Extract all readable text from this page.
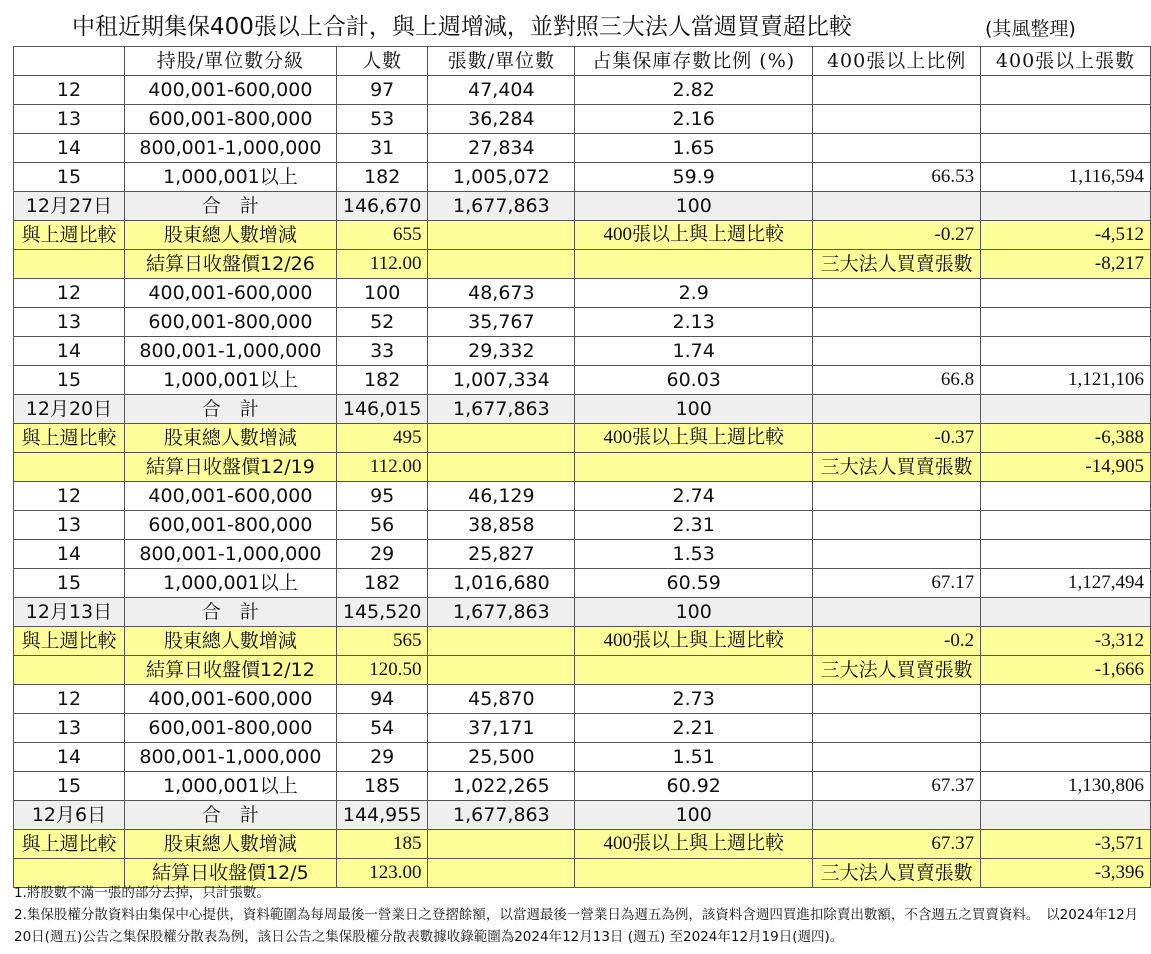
中租近期集保400張以上合計，與上週增減，並對照三大法人當週買賣超比較	(其風整理)
	持股/單位數分級	人數	張數/單位數	占集保庫存數比例 (%)	400張以上比例	400張以上張數
12	400,001-600,000	97	47,404	2.82		
13	600,001-800,000	53	36,284	2.16		
14	800,001-1,000,000	31	27,834	1.65		
15	1,000,001以上	182	1,005,072	59.9	66.53	1,116,594
12月27日	合　計	146,670	1,677,863	100		
與上週比較	股東總人數增減	655		400張以上與上週比較	-0.27	-4,512
	結算日收盤價12/26	112.00			三大法人買賣張數	-8,217
12	400,001-600,000	100	48,673	2.9		
13	600,001-800,000	52	35,767	2.13		
14	800,001-1,000,000	33	29,332	1.74		
15	1,000,001以上	182	1,007,334	60.03	66.8	1,121,106
12月20日	合　計	146,015	1,677,863	100		
與上週比較	股東總人數增減	495		400張以上與上週比較	-0.37	-6,388
	結算日收盤價12/19	112.00			三大法人買賣張數	-14,905
12	400,001-600,000	95	46,129	2.74		
13	600,001-800,000	56	38,858	2.31		
14	800,001-1,000,000	29	25,827	1.53		
15	1,000,001以上	182	1,016,680	60.59	67.17	1,127,494
12月13日	合　計	145,520	1,677,863	100		
與上週比較	股東總人數增減	565		400張以上與上週比較	-0.2	-3,312
	結算日收盤價12/12	120.50			三大法人買賣張數	-1,666
12	400,001-600,000	94	45,870	2.73		
13	600,001-800,000	54	37,171	2.21		
14	800,001-1,000,000	29	25,500	1.51		
15	1,000,001以上	185	1,022,265	60.92	67.37	1,130,806
12月6日	合　計	144,955	1,677,863	100		
與上週比較	股東總人數增減	185		400張以上與上週比較	67.37	-3,571
	結算日收盤價12/5	123.00			三大法人買賣張數	-3,396

1.將股數不滿一張的部分去掉，只計張數。

2.集保股權分散資料由集保中心提供，資料範圍為每周最後一營業日之登摺餘額，以當週最後一營業日為週五為例，該資料含週四買進扣除賣出數額，不含週五之買賣資料。　以2024年12月20日(週五)公告之集保股權分散表為例，該日公告之集保股權分散表數據收錄範圍為2024年12月13日 (週五) 至2024年12月19日(週四)。
